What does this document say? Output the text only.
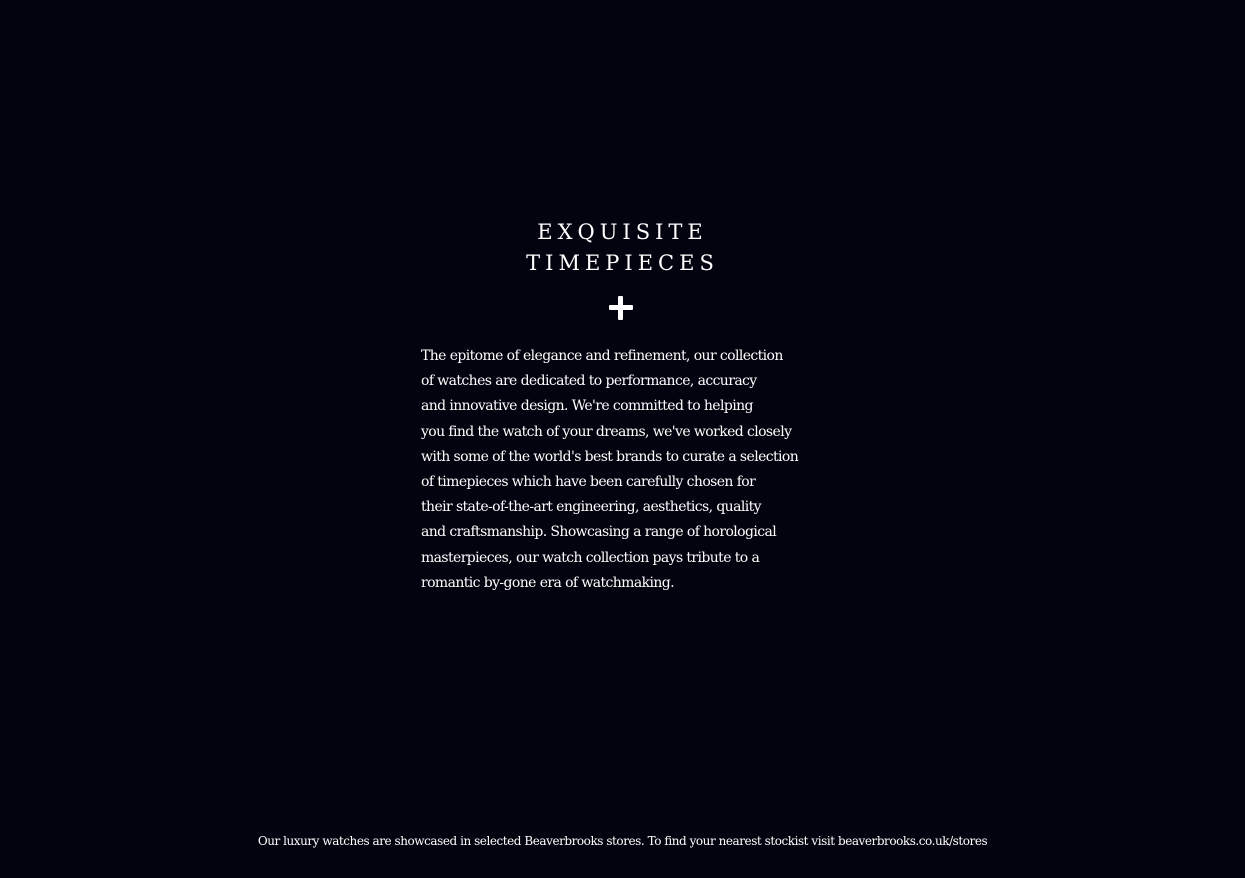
EXQUISITE
TIMEPIECES

The epitome of elegance and refinement, our collection
of watches are dedicated to performance, accuracy
and innovative design. We're committed to helping
you find the watch of your dreams, we've worked closely
with some of the world's best brands to curate a selection
of timepieces which have been carefully chosen for
their state-of-the-art engineering, aesthetics, quality
and craftsmanship. Showcasing a range of horological
masterpieces, our watch collection pays tribute to a
romantic by-gone era of watchmaking.

Our luxury watches are showcased in selected Beaverbrooks stores. To find your nearest stockist visit beaverbrooks.co.uk/stores
